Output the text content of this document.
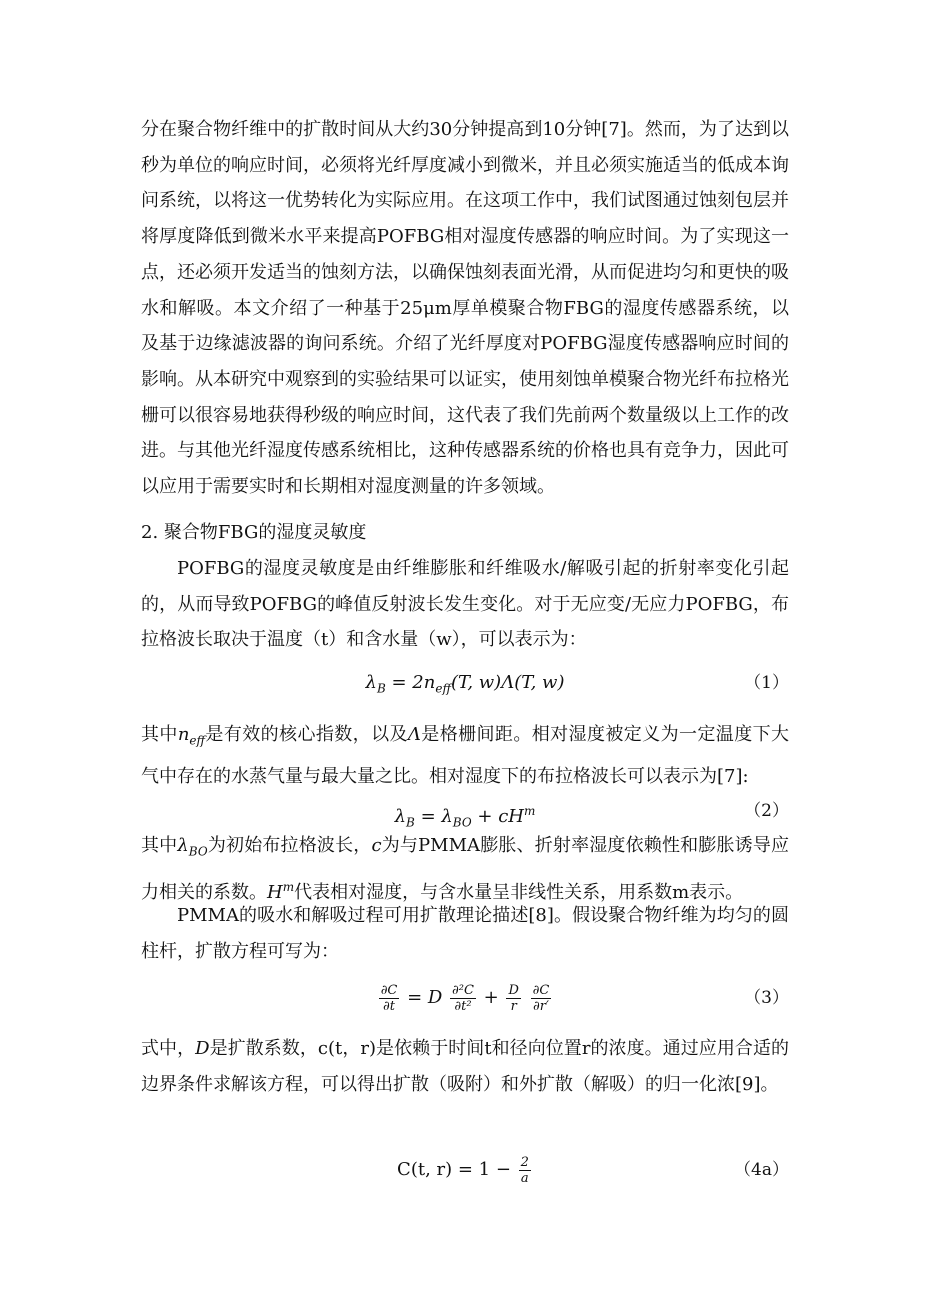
分在聚合物纤维中的扩散时间从大约30分钟提高到10分钟[7]。然而，为了达到以秒为单位的响应时间，必须将光纤厚度减小到微米，并且必须实施适当的低成本询问系统，以将这一优势转化为实际应用。在这项工作中，我们试图通过蚀刻包层并将厚度降低到微米水平来提高POFBG相对湿度传感器的响应时间。为了实现这一点，还必须开发适当的蚀刻方法，以确保蚀刻表面光滑，从而促进均匀和更快的吸水和解吸。本文介绍了一种基于25μm厚单模聚合物FBG的湿度传感器系统，以及基于边缘滤波器的询问系统。介绍了光纤厚度对POFBG湿度传感器响应时间的影响。从本研究中观察到的实验结果可以证实，使用刻蚀单模聚合物光纤布拉格光栅可以很容易地获得秒级的响应时间，这代表了我们先前两个数量级以上工作的改进。与其他光纤湿度传感系统相比，这种传感器系统的价格也具有竞争力，因此可以应用于需要实时和长期相对湿度测量的许多领域。

2. 聚合物FBG的湿度灵敏度

POFBG的湿度灵敏度是由纤维膨胀和纤维吸水/解吸引起的折射率变化引起的，从而导致POFBG的峰值反射波长发生变化。对于无应变/无应力POFBG，布拉格波长取决于温度（t）和含水量（w），可以表示为：

$\lambda_B = 2n_{eff}(T$, w)Λ(T, w)	（1）

其中$n_{eff}$是有效的核心指数，以及Λ是格栅间距。相对湿度被定义为一定温度下大气中存在的水蒸气量与最大量之比。相对湿度下的布拉格波长可以表示为[7]:

$\lambda_B = \lambda_{BO} + cH^m$	（2）

其中$\lambda_{BO}$为初始布拉格波长，c为与PMMA膨胀、折射率湿度依赖性和膨胀诱导应力相关的系数。$H^m$代表相对湿度，与含水量呈非线性关系，用系数m表示。

PMMA的吸水和解吸过程可用扩散理论描述[8]。假设聚合物纤维为均匀的圆柱杆，扩散方程可写为：

$\frac{\partial C}{\partial t} = D \frac{\text{∂²C}}{\text{∂t²}} + \frac{D}{r}$
$\frac{\partial C}{\partial r'}$	（3）

式中，D是扩散系数，c(t，r)是依赖于时间t和径向位置r的浓度。通过应用合适的边界条件求解该方程，可以得出扩散（吸附）和外扩散（解吸）的归一化浓[9]。

C(t, $r) = 1 - \frac{2}{a}$	（4a）
